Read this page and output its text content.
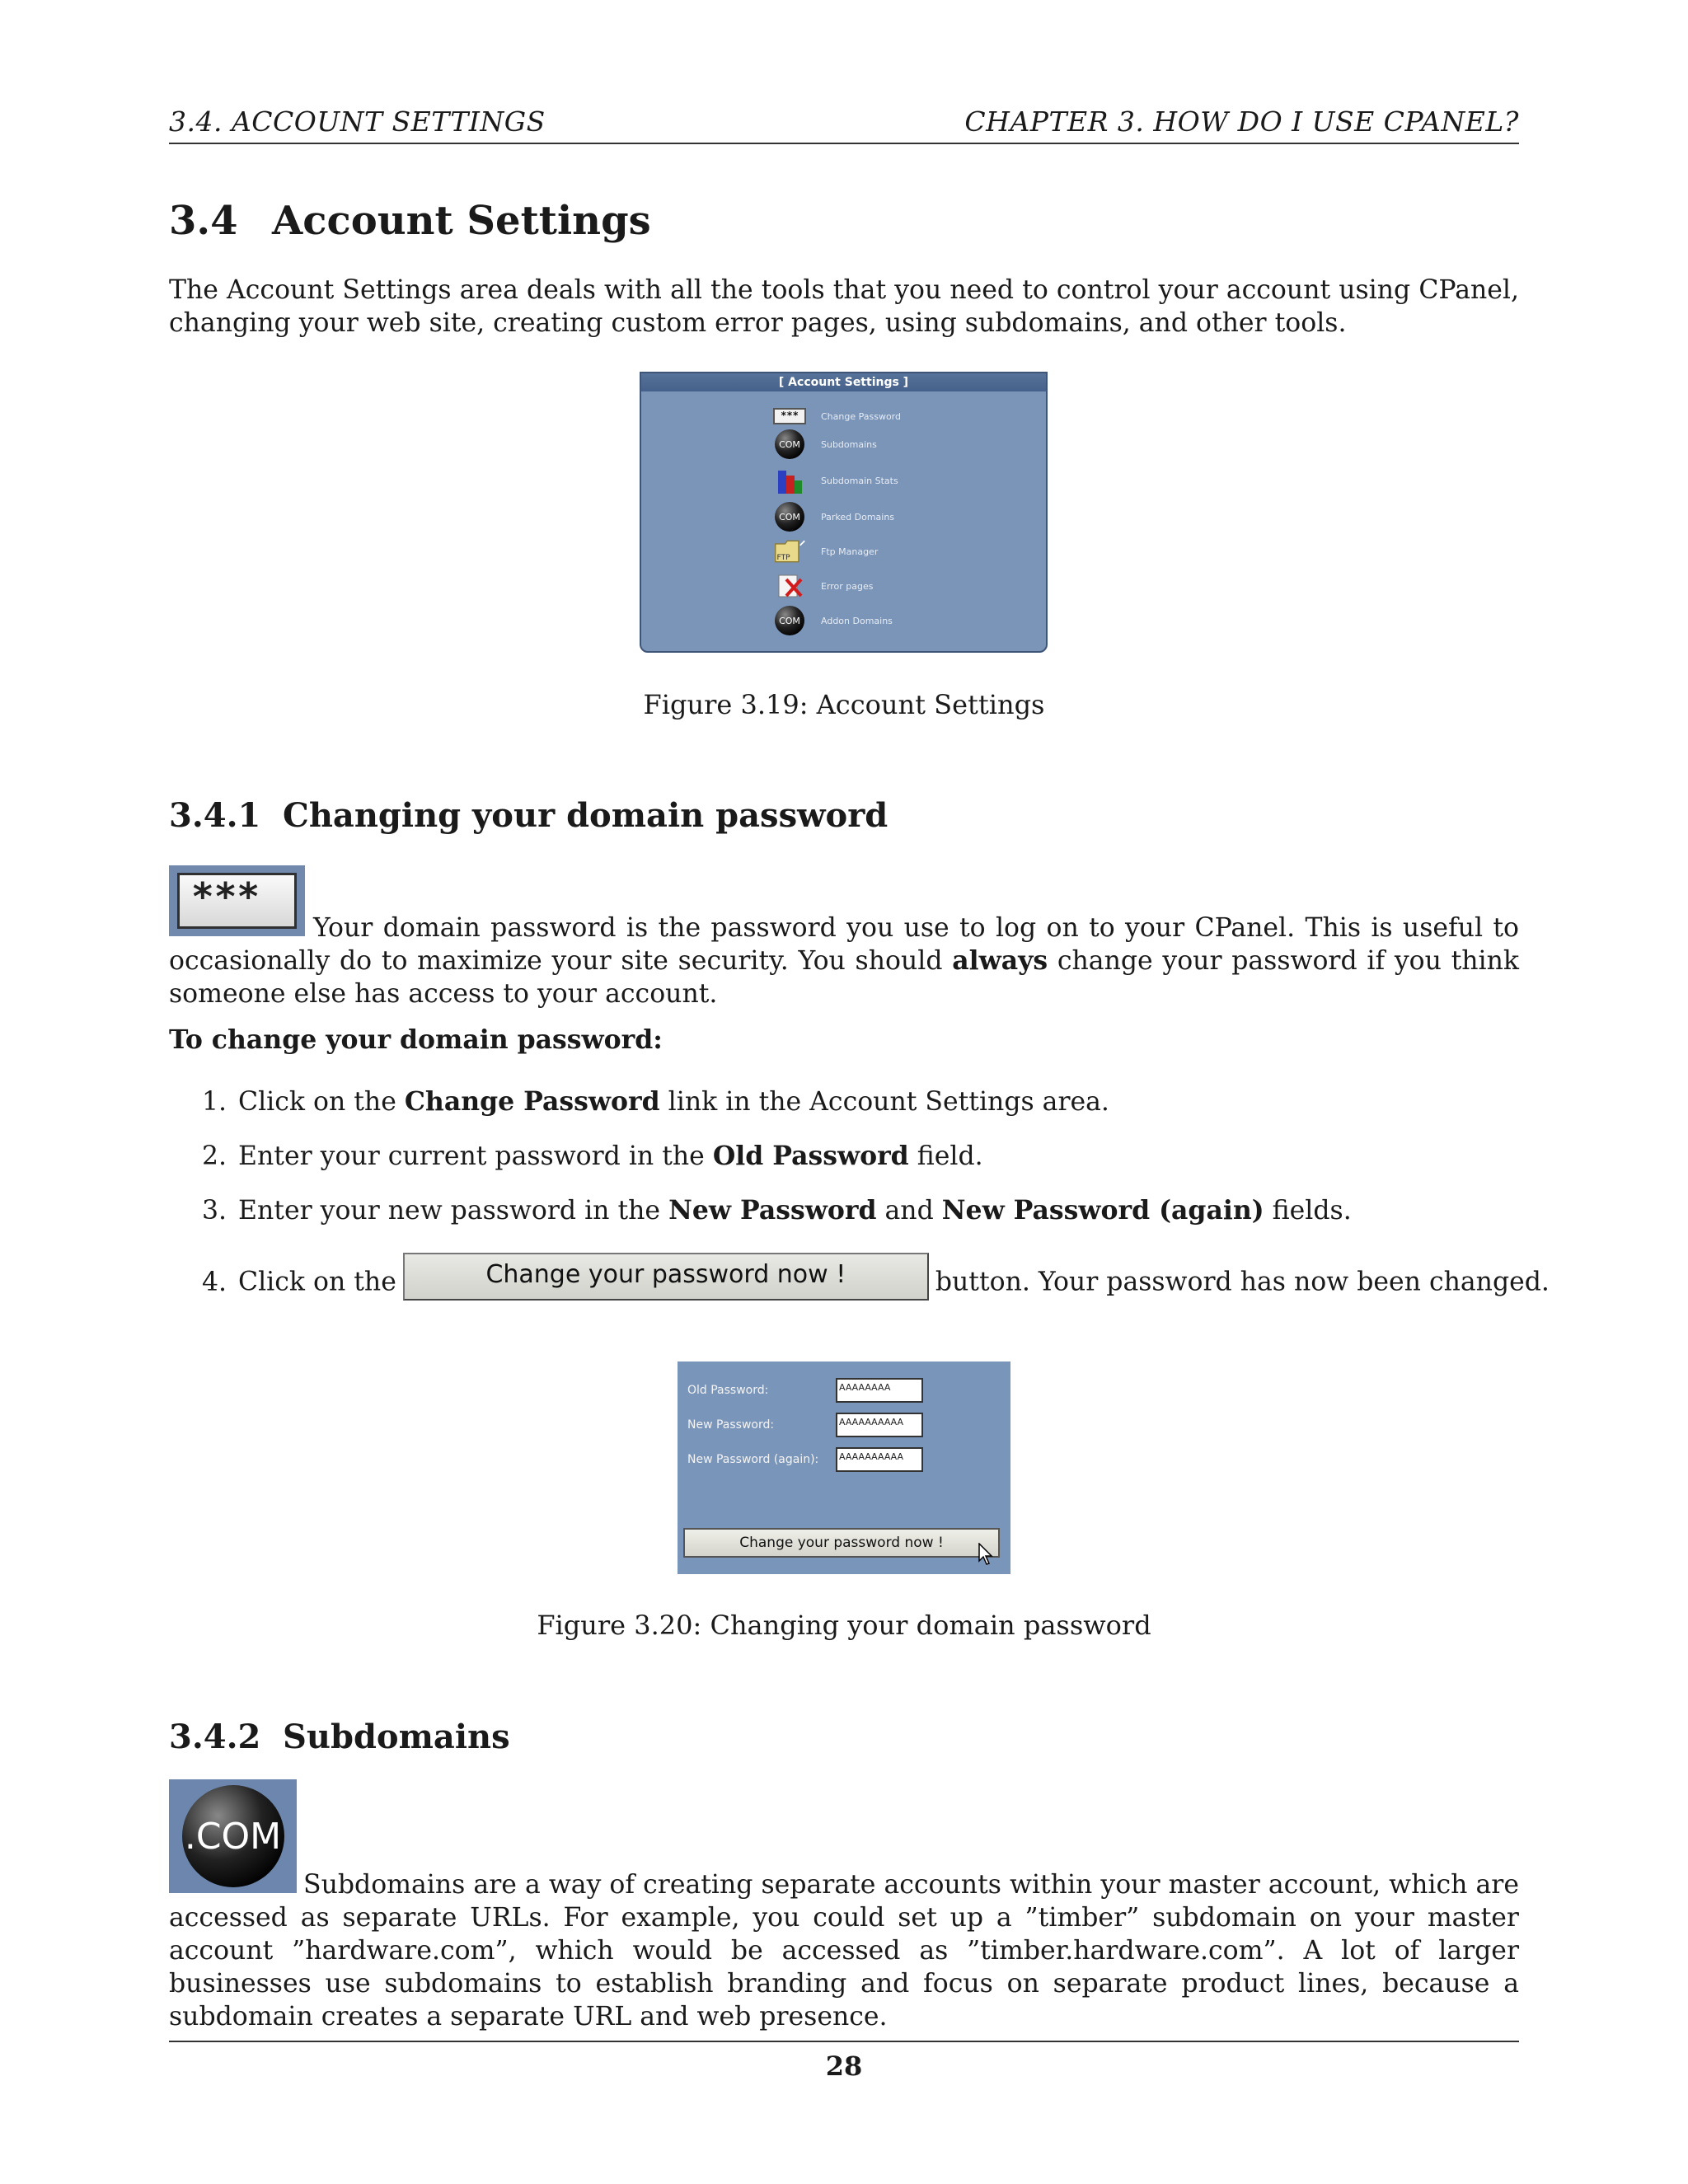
3.4. ACCOUNT SETTINGS	CHAPTER 3. HOW DO I USE CPANEL?
3.4 Account Settings

The Account Settings area deals with all the tools that you need to control your account using CPanel, changing your web site, creating custom error pages, using subdomains, and other tools.

[ Account Settings ]
***	Change Password
COM	Subdomains
Subdomain Stats
COM	Parked Domains
FTP
Ftp Manager
Error pages
COM	Addon Domains
Figure 3.19: Account Settings
3.4.1 Changing your domain password
***

Your domain password is the password you use to log on to your CPanel. This is useful to occasionally do to maximize your site security. You should always change your password if you think someone else has access to your account.

To change your domain password:

1. Click on the Change Password link in the Account Settings area.
2. Enter your current password in the Old Password field.
3. Enter your new password in the New Password and New Password (again) fields.
4. Click on the	Change your password now !	button. Your password has now been changed.
Old Password:	AAAAAAAA
New Password:	AAAAAAAAAA
New Password (again):	AAAAAAAAAA
Change your password now !
Figure 3.20: Changing your domain password
3.4.2 Subdomains
.COM

Subdomains are a way of creating separate accounts within your master account, which are accessed as separate URLs. For example, you could set up a ”timber” subdomain on your master account ”hardware.com”, which would be accessed as ”timber.hardware.com”. A lot of larger businesses use subdomains to establish branding and focus on separate product lines, because a subdomain creates a separate URL and web presence.

28
